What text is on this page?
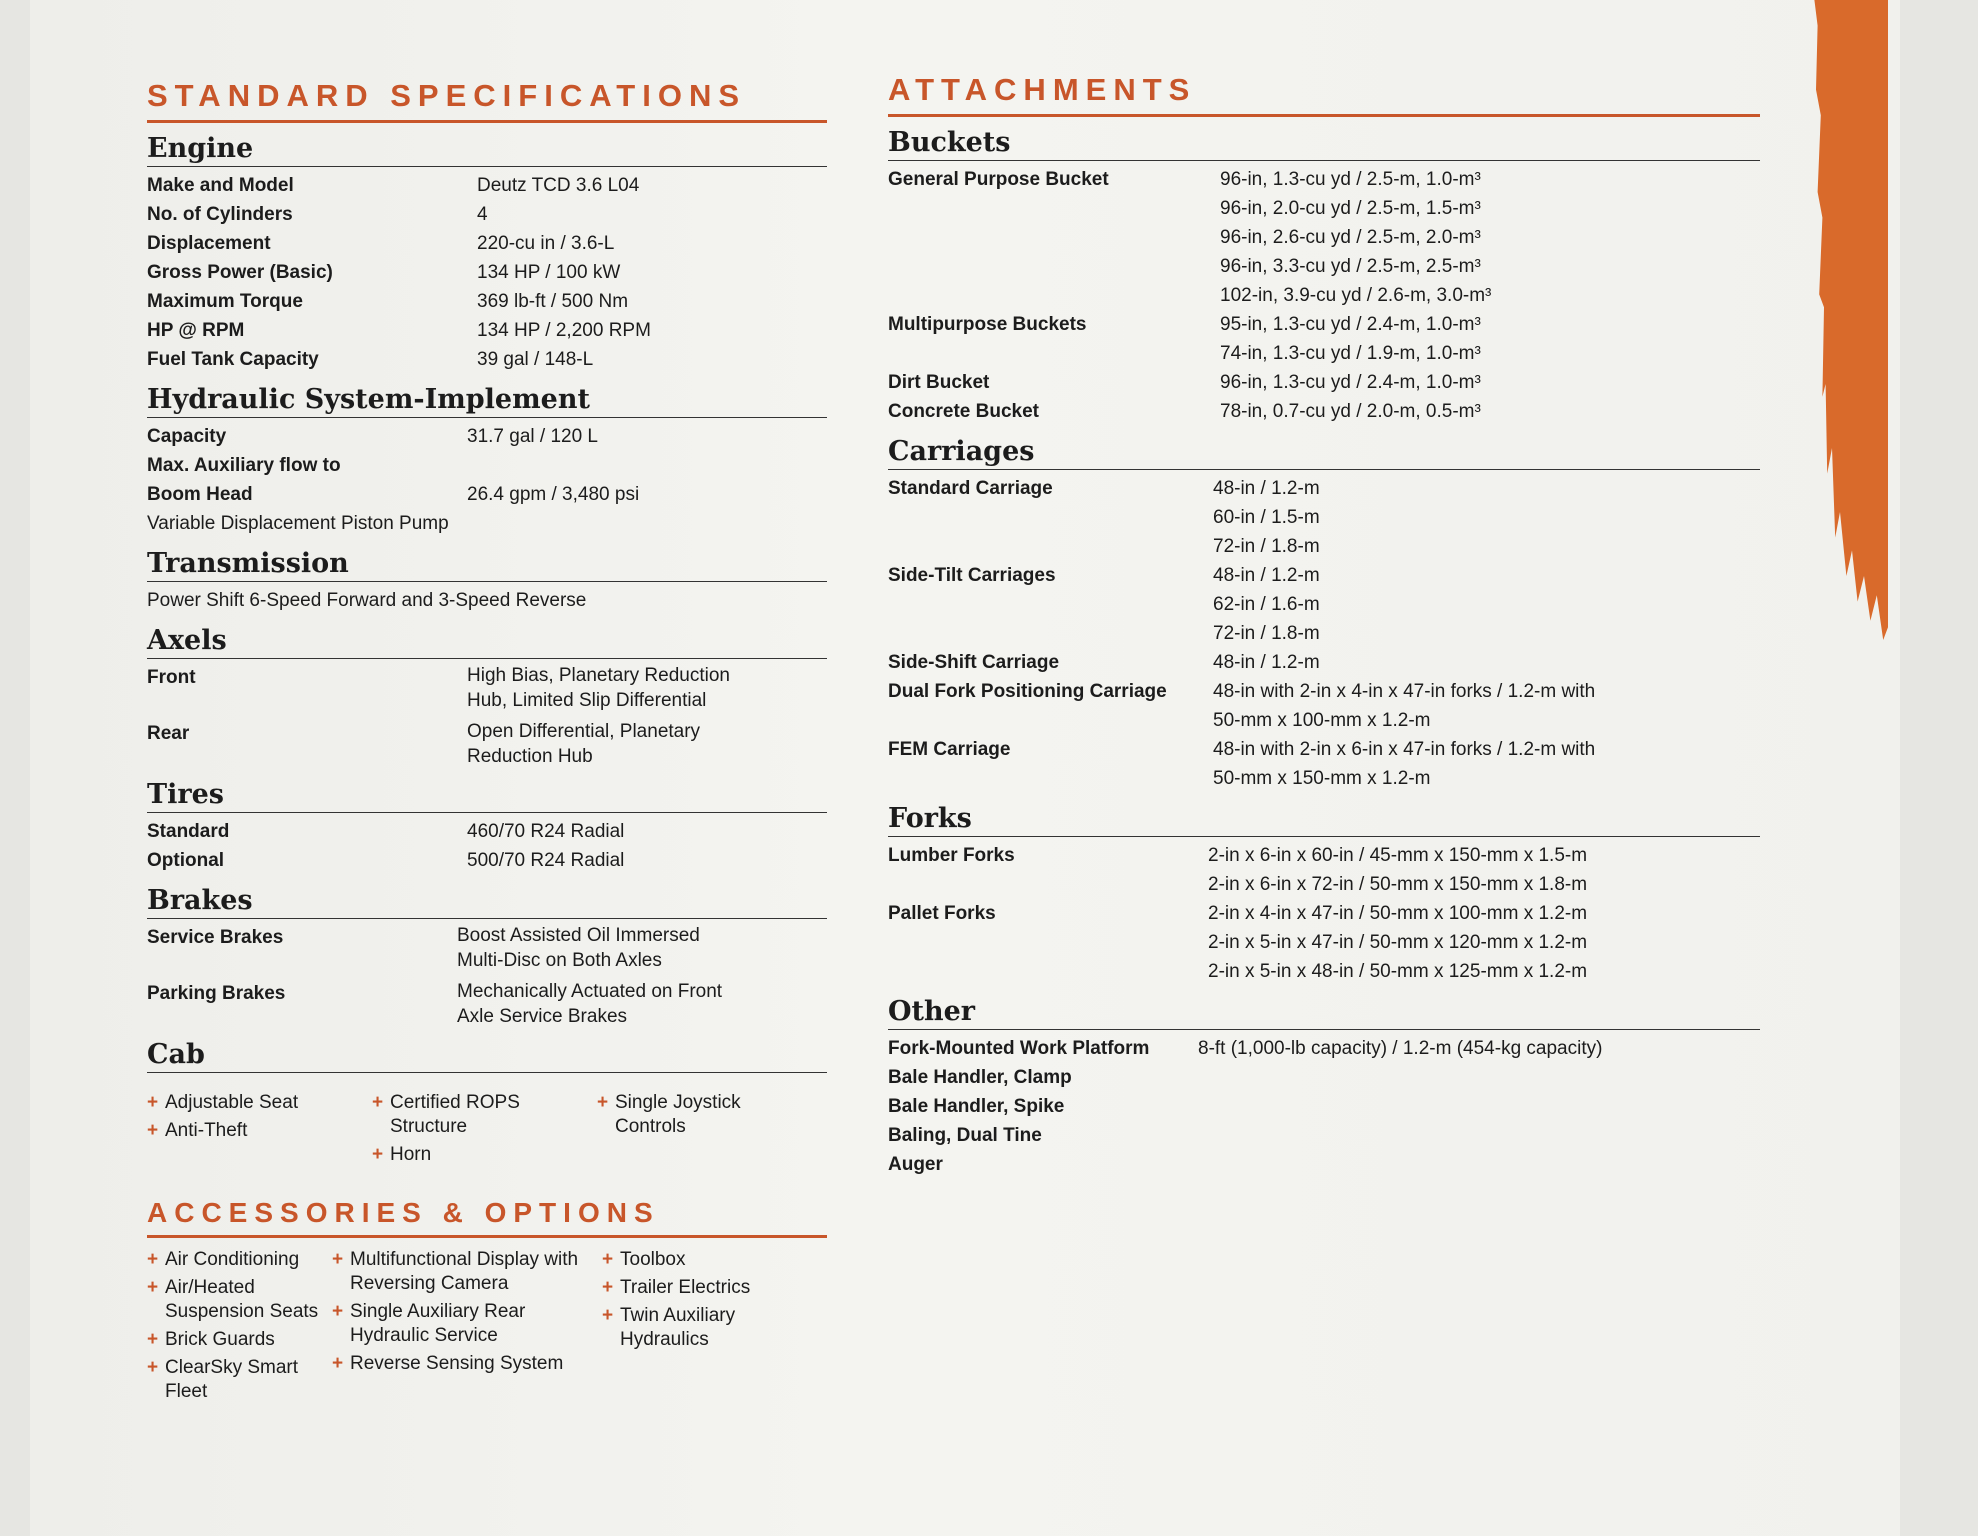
STANDARD SPECIFICATIONS
Engine
Make and Model	Deutz TCD 3.6 L04
No. of Cylinders	4
Displacement	220-cu in / 3.6-L
Gross Power (Basic)	134 HP / 100 kW
Maximum Torque	369 lb-ft / 500 Nm
HP @ RPM	134 HP / 2,200 RPM
Fuel Tank Capacity	39 gal / 148-L
Hydraulic System-Implement
Capacity	31.7 gal / 120 L
Max. Auxiliary flow to
Boom Head	26.4 gpm / 3,480 psi
Variable Displacement Piston Pump
Transmission
Power Shift 6-Speed Forward and 3-Speed Reverse
Axels
Front	High Bias, Planetary Reduction
Hub, Limited Slip Differential
Rear	Open Differential, Planetary
Reduction Hub
Tires
Standard	460/70 R24 Radial
Optional	500/70 R24 Radial
Brakes
Service Brakes	Boost Assisted Oil Immersed
Multi-Disc on Both Axles
Parking Brakes	Mechanically Actuated on Front
Axle Service Brakes
Cab
+ Adjustable Seat
+ Anti-Theft
+ Certified ROPS Structure
+ Horn
+ Single Joystick Controls
ACCESSORIES & OPTIONS
+ Air Conditioning
+ Air/Heated Suspension Seats
+ Brick Guards
+ ClearSky Smart Fleet
+ Multifunctional Display with Reversing Camera
+ Single Auxiliary Rear Hydraulic Service
+ Reverse Sensing System
+ Toolbox
+ Trailer Electrics
+ Twin Auxiliary Hydraulics
ATTACHMENTS
Buckets
General Purpose Bucket	96-in, 1.3-cu yd / 2.5-m, 1.0-m³
96-in, 2.0-cu yd / 2.5-m, 1.5-m³
96-in, 2.6-cu yd / 2.5-m, 2.0-m³
96-in, 3.3-cu yd / 2.5-m, 2.5-m³
102-in, 3.9-cu yd / 2.6-m, 3.0-m³
Multipurpose Buckets	95-in, 1.3-cu yd / 2.4-m, 1.0-m³
74-in, 1.3-cu yd / 1.9-m, 1.0-m³
Dirt Bucket	96-in, 1.3-cu yd / 2.4-m, 1.0-m³
Concrete Bucket	78-in, 0.7-cu yd / 2.0-m, 0.5-m³
Carriages
Standard Carriage	48-in / 1.2-m
60-in / 1.5-m
72-in / 1.8-m
Side-Tilt Carriages	48-in / 1.2-m
62-in / 1.6-m
72-in / 1.8-m
Side-Shift Carriage	48-in / 1.2-m
Dual Fork Positioning Carriage	48-in with 2-in x 4-in x 47-in forks / 1.2-m with
50-mm x 100-mm x 1.2-m
FEM Carriage	48-in with 2-in x 6-in x 47-in forks / 1.2-m with
50-mm x 150-mm x 1.2-m
Forks
Lumber Forks	2-in x 6-in x 60-in / 45-mm x 150-mm x 1.5-m
2-in x 6-in x 72-in / 50-mm x 150-mm x 1.8-m
Pallet Forks	2-in x 4-in x 47-in / 50-mm x 100-mm x 1.2-m
2-in x 5-in x 47-in / 50-mm x 120-mm x 1.2-m
2-in x 5-in x 48-in / 50-mm x 125-mm x 1.2-m
Other
Fork-Mounted Work Platform	8-ft (1,000-lb capacity) / 1.2-m (454-kg capacity)
Bale Handler, Clamp
Bale Handler, Spike
Baling, Dual Tine
Auger
